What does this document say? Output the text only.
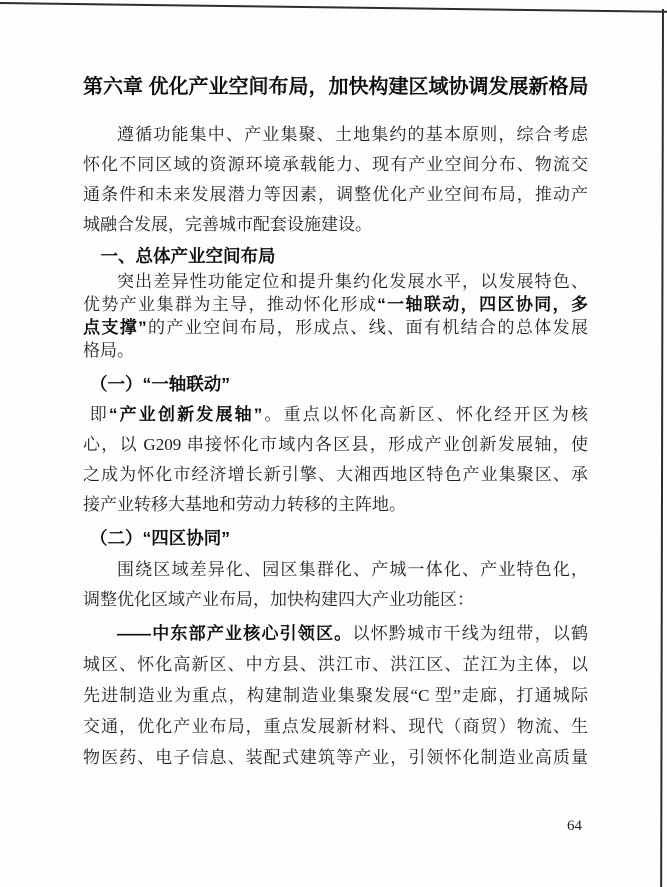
第六章 优化产业空间布局，加快构建区域协调发展新格局
遵循功能集中、产业集聚、土地集约的基本原则，综合考虑
怀化不同区域的资源环境承载能力、现有产业空间分布、物流交
通条件和未来发展潜力等因素，调整优化产业空间布局，推动产
城融合发展，完善城市配套设施建设。
一、总体产业空间布局
突出差异性功能定位和提升集约化发展水平，以发展特色、
优势产业集群为主导，推动怀化形成“一轴联动，四区协同，多
点支撑”的产业空间布局，形成点、线、面有机结合的总体发展
格局。
（一）“一轴联动”
即“产业创新发展轴”。重点以怀化高新区、怀化经开区为核
心，以 G209 串接怀化市域内各区县，形成产业创新发展轴，使
之成为怀化市经济增长新引擎、大湘西地区特色产业集聚区、承
接产业转移大基地和劳动力转移的主阵地。
（二）“四区协同”
围绕区域差异化、园区集群化、产城一体化、产业特色化，
调整优化区域产业布局，加快构建四大产业功能区：
——中东部产业核心引领区。以怀黔城市干线为纽带，以鹤
城区、怀化高新区、中方县、洪江市、洪江区、芷江为主体，以
先进制造业为重点，构建制造业集聚发展“C 型”走廊，打通城际
交通，优化产业布局，重点发展新材料、现代（商贸）物流、生
物医药、电子信息、装配式建筑等产业，引领怀化制造业高质量
64
